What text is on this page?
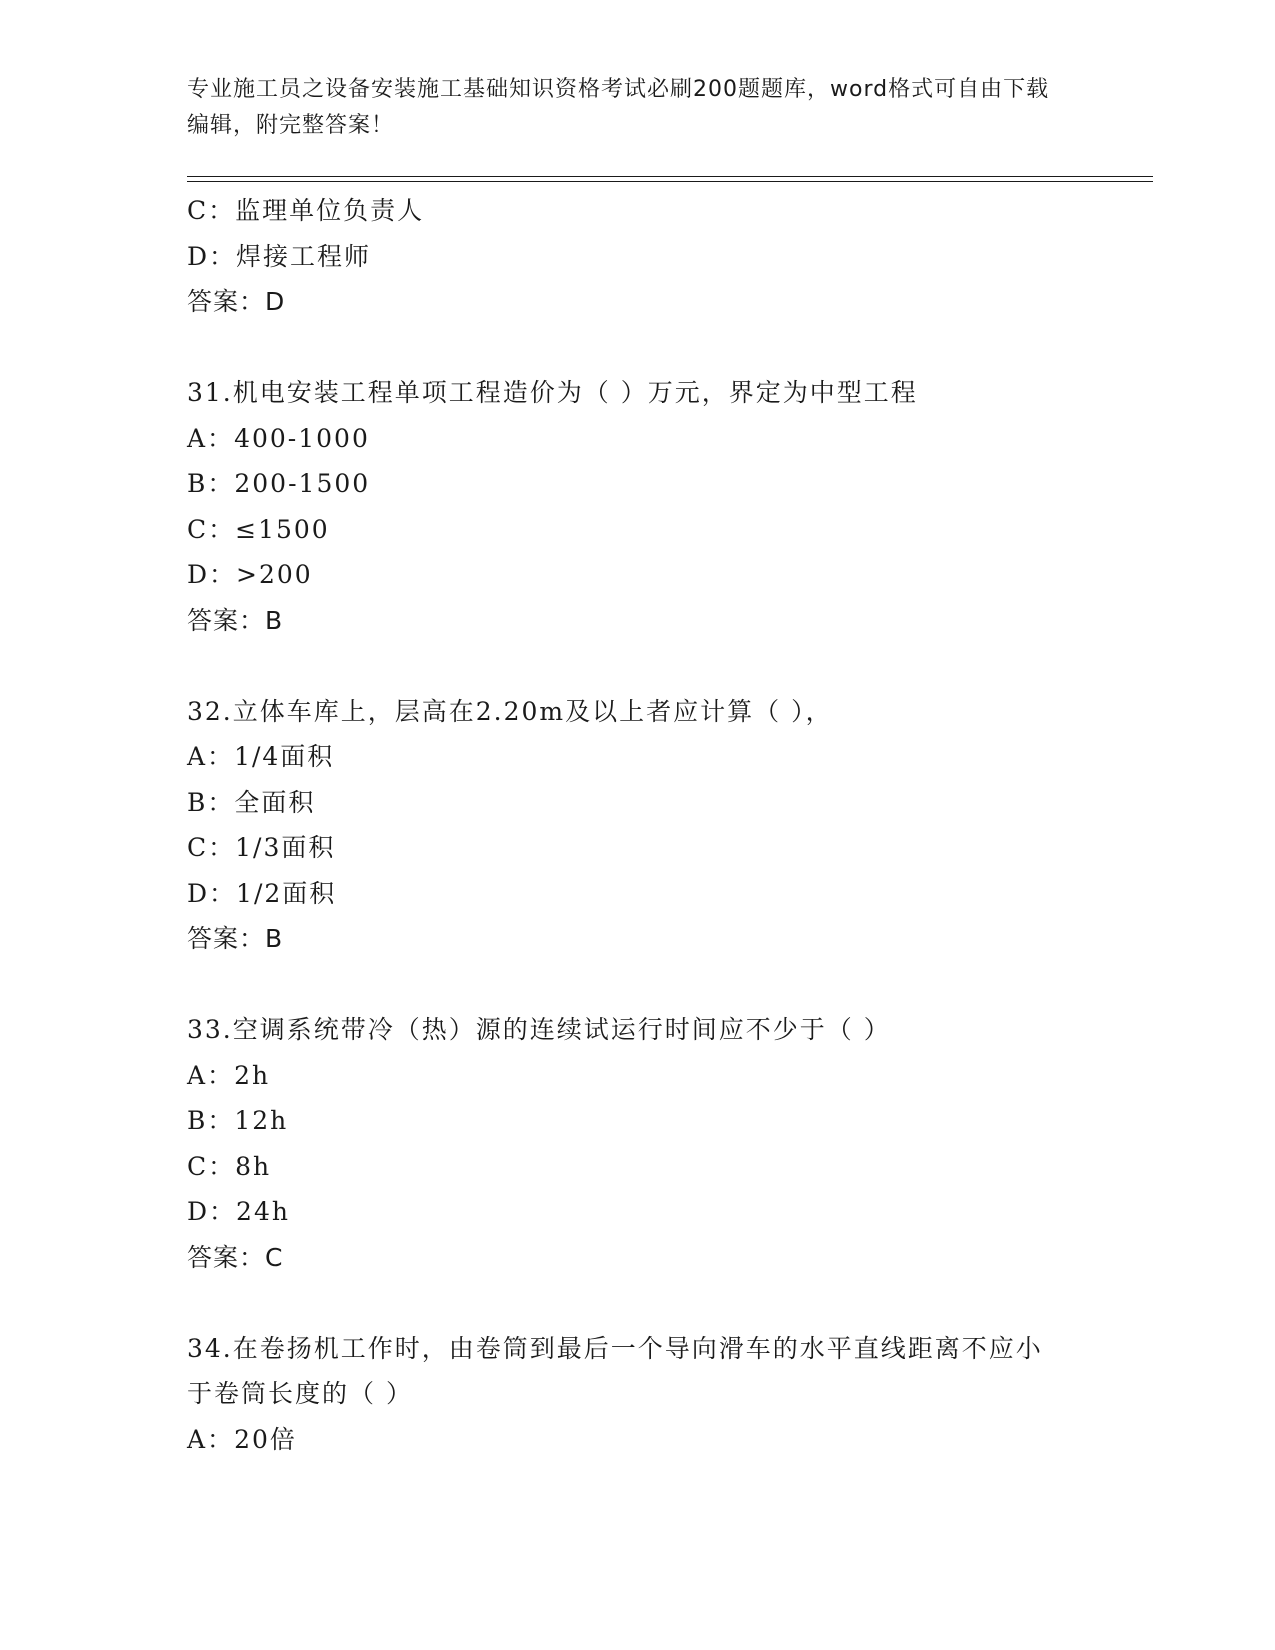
专业施工员之设备安装施工基础知识资格考试必刷200题题库，word格式可自由下载编辑，附完整答案！
C：监理单位负责人
D：焊接工程师
答案：D
31.机电安装工程单项工程造价为（ ）万元，界定为中型工程
A：400-1000
B：200-1500
C：≤1500
D：>200
答案：B
32.立体车库上，层高在2.20m及以上者应计算（ ），
A：1/4面积
B：全面积
C：1/3面积
D：1/2面积
答案：B
33.空调系统带冷（热）源的连续试运行时间应不少于（ ）
A：2h
B：12h
C：8h
D：24h
答案：C
34.在卷扬机工作时，由卷筒到最后一个导向滑车的水平直线距离不应小于卷筒长度的（ ）
A：20倍
